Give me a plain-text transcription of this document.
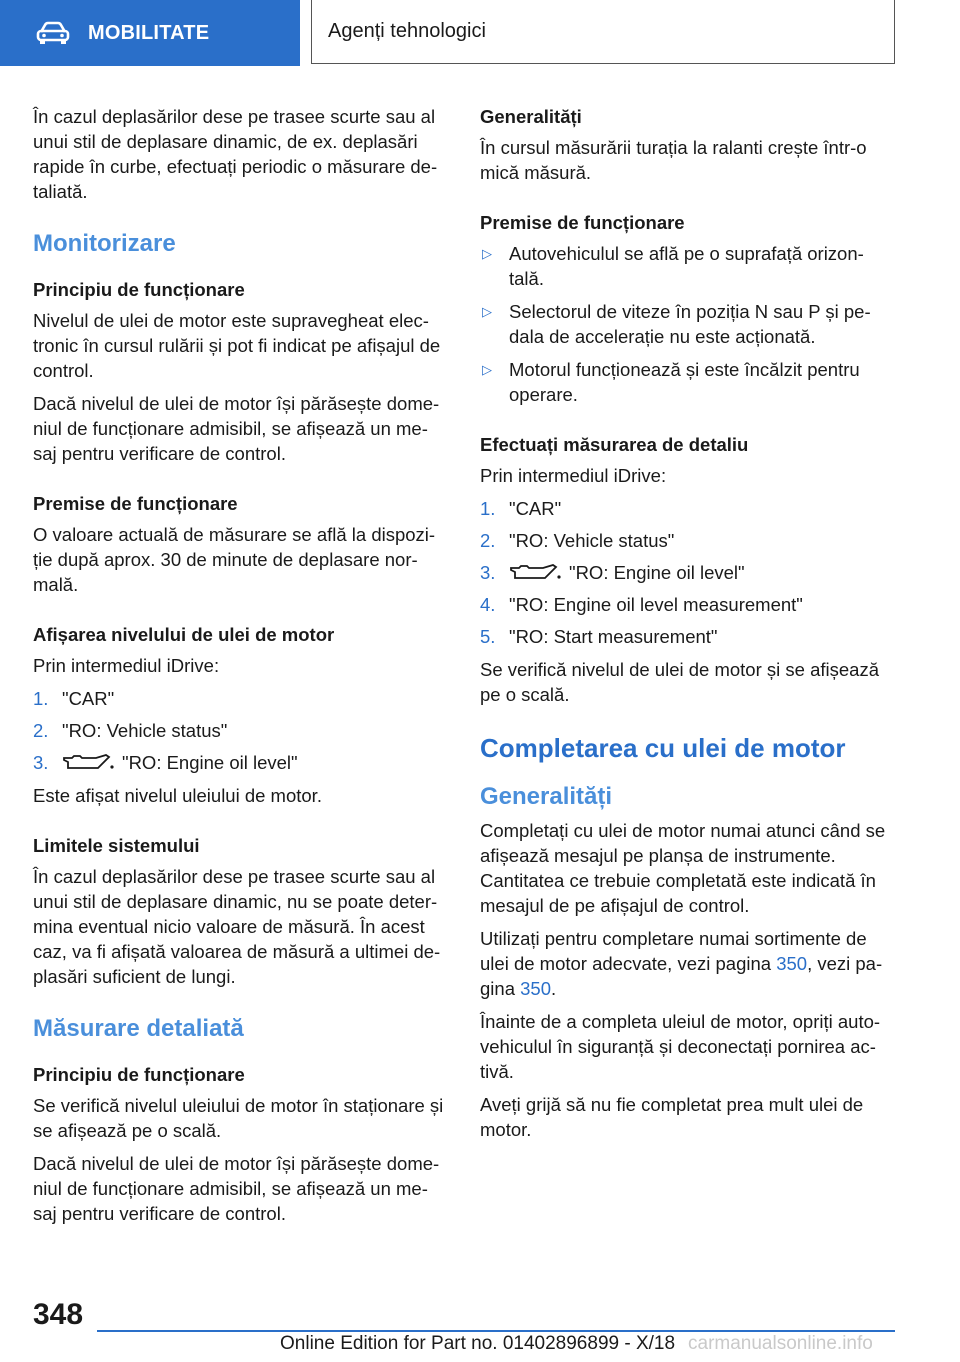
MOBILITATE	Agenți tehnologici

În cazul deplasărilor dese pe trasee scurte sau al unui stil de deplasare dinamic, de ex. deplasări rapide în curbe, efectuați periodic o măsurare de-taliată.

Monitorizare
Principiu de funcționare

Nivelul de ulei de motor este supravegheat elec-tronic în cursul rulării și pot fi indicat pe afișajul de control.

Dacă nivelul de ulei de motor își părăsește dome-niul de funcționare admisibil, se afișează un me-saj pentru verificare de control.

Premise de funcționare

O valoare actuală de măsurare se află la dispozi-ție după aprox. 30 de minute de deplasare nor-mală.

Afișarea nivelului de ulei de motor

Prin intermediul iDrive:

1. "CAR"
2. "RO: Vehicle status"
3.	"RO: Engine oil level"

Este afișat nivelul uleiului de motor.

Limitele sistemului

În cazul deplasărilor dese pe trasee scurte sau al unui stil de deplasare dinamic, nu se poate deter-mina eventual nicio valoare de măsură. În acest caz, va fi afișată valoarea de măsură a ultimei de-plasări suficient de lungi.

Măsurare detaliată
Principiu de funcționare

Se verifică nivelul uleiului de motor în staționare și se afișează pe o scală.

Dacă nivelul de ulei de motor își părăsește dome-niul de funcționare admisibil, se afișează un me-saj pentru verificare de control.

Generalități

În cursul măsurării turația la ralanti crește într-o mică măsură.

Premise de funcționare
▷ Autovehiculul se află pe o suprafață orizon-tală.
▷ Selectorul de viteze în poziția N sau P și pe-dala de accelerație nu este acționată.
▷ Motorul funcționează și este încălzit pentru operare.
Efectuați măsurarea de detaliu

Prin intermediul iDrive:

1. "CAR"
2. "RO: Vehicle status"
3.	"RO: Engine oil level"
4. "RO: Engine oil level measurement"
5. "RO: Start measurement"

Se verifică nivelul de ulei de motor și se afișează pe o scală.

Completarea cu ulei de motor
Generalități

Completați cu ulei de motor numai atunci când se afișează mesajul pe planșa de instrumente. Cantitatea ce trebuie completată este indicată în mesajul de pe afișajul de control.

Utilizați pentru completare numai sortimente de ulei de motor adecvate, vezi pagina 350, vezi pa-gina 350.

Înainte de a completa uleiul de motor, opriți auto-vehiculul în siguranță și deconectați pornirea ac-tivă.

Aveți grijă să nu fie completat prea mult ulei de motor.

348
Online Edition for Part no. 01402896899 - X/18 carmanualsonline.info
